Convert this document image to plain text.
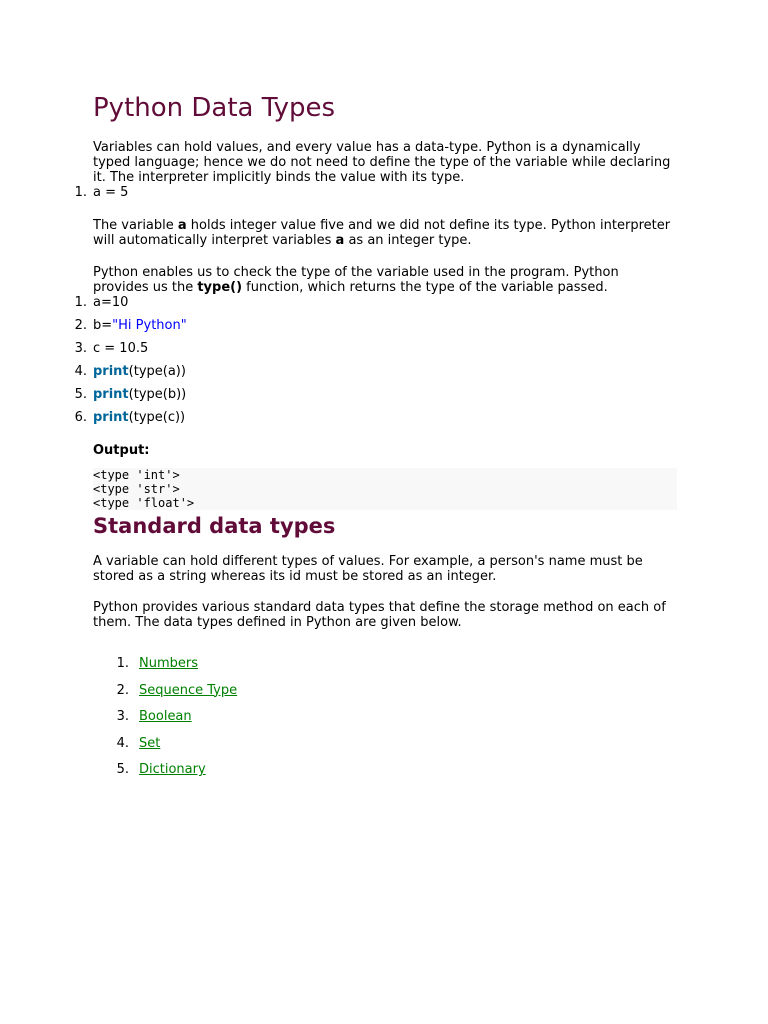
Python Data Types

Variables can hold values, and every value has a data-type. Python is a dynamically typed language; hence we do not need to define the type of the variable while declaring it. The interpreter implicitly binds the value with its type.

1. a = 5

The variable a holds integer value five and we did not define its type. Python interpreter will automatically interpret variables a as an integer type.

Python enables us to check the type of the variable used in the program. Python provides us the type() function, which returns the type of the variable passed.

1. a=10
2. b="Hi Python"
3. c = 10.5
4. print(type(a))
5. print(type(b))
6. print(type(c))
Output:
<type 'int'>
<type 'str'>
<type 'float'>
Standard data types

A variable can hold different types of values. For example, a person's name must be stored as a string whereas its id must be stored as an integer.

Python provides various standard data types that define the storage method on each of them. The data types defined in Python are given below.

1. Numbers
2. Sequence Type
3. Boolean
4. Set
5. Dictionary
